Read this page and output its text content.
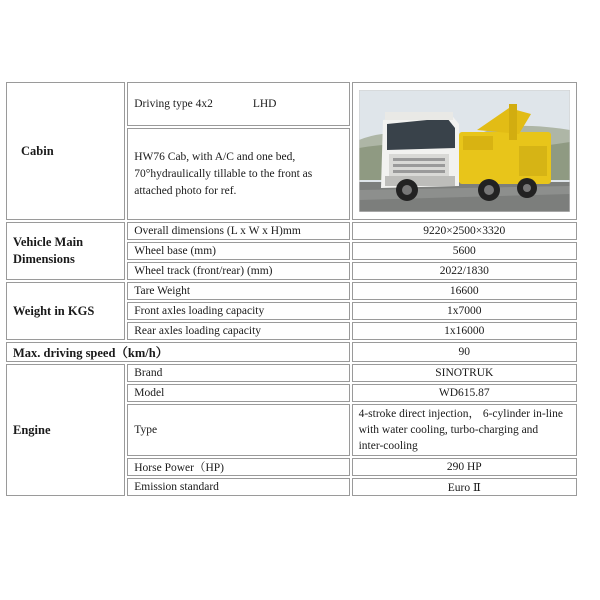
Cabin	Driving type 4x2 LHD	

	HW76 Cab, with A/C and one bed,
70°hydraulically tillable to the front as
attached photo for ref.	

Vehicle Main
Dimensions	Overall dimensions (L x W x H)mm	9220×2500×3320
	Wheel base (mm)	5600
	Wheel track (front/rear) (mm)	2022/1830
Weight in KGS	Tare Weight	16600
	Front axles loading capacity	1x7000
	Rear axles loading capacity	1x16000
Max. driving speed（km/h）		90
Engine	Brand	SINOTRUK
	Model	WD615.87
	Type	4-stroke direct injection， 6-cylinder in-line
with water cooling, turbo-charging and
inter-cooling

	Horse Power（HP)	290 HP
	Emission standard	Euro Ⅱ
